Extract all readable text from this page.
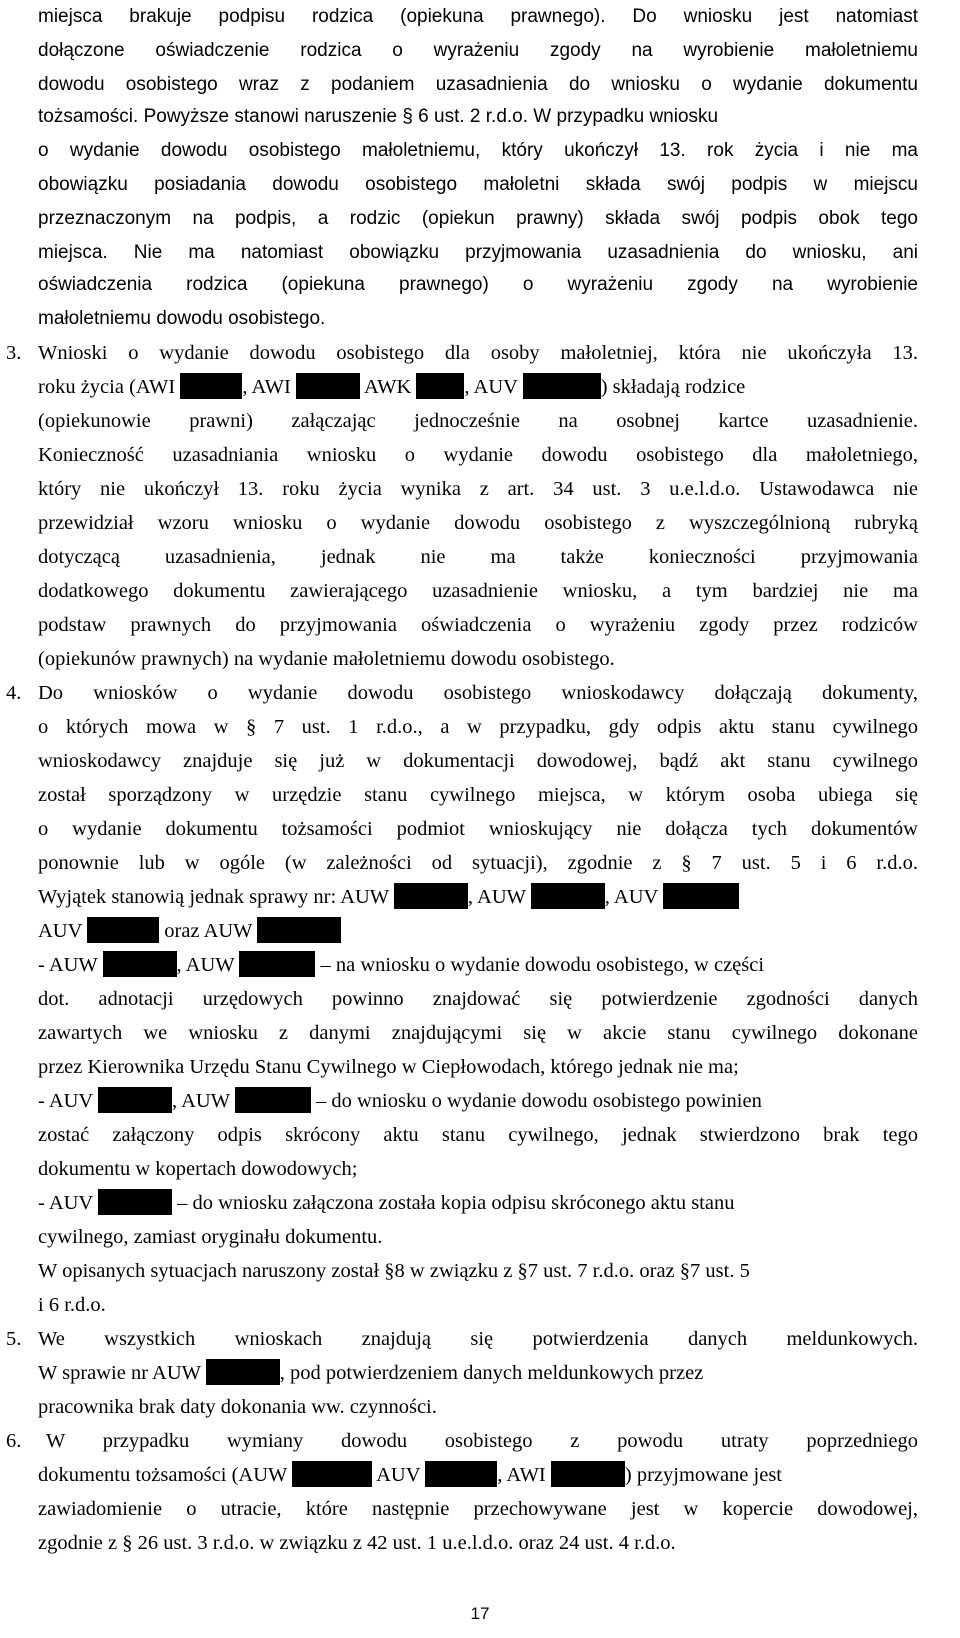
miejsca brakuje podpisu rodzica (opiekuna prawnego). Do wniosku jest natomiast
dołączone oświadczenie rodzica o wyrażeniu zgody na wyrobienie małoletniemu
dowodu osobistego wraz z podaniem uzasadnienia do wniosku o wydanie dokumentu
tożsamości. Powyższe stanowi naruszenie § 6 ust. 2 r.d.o. W przypadku wniosku
o wydanie dowodu osobistego małoletniemu, który ukończył 13. rok życia i nie ma
obowiązku posiadania dowodu osobistego małoletni składa swój podpis w miejscu
przeznaczonym na podpis, a rodzic (opiekun prawny) składa swój podpis obok tego
miejsca. Nie ma natomiast obowiązku przyjmowania uzasadnienia do wniosku, ani
oświadczenia rodzica (opiekuna prawnego) o wyrażeniu zgody na wyrobienie
małoletniemu dowodu osobistego.
3. Wnioski o wydanie dowodu osobistego dla osoby małoletniej, która nie ukończyła 13.
roku życia (AWI	, AWI	AWK	, AUV	) składają rodzice
(opiekunowie prawni) załączając jednocześnie na osobnej kartce uzasadnienie.
Konieczność uzasadniania wniosku o wydanie dowodu osobistego dla małoletniego,
który nie ukończył 13. roku życia wynika z art. 34 ust. 3 u.e.l.d.o. Ustawodawca nie
przewidział wzoru wniosku o wydanie dowodu osobistego z wyszczególnioną rubryką
dotyczącą uzasadnienia, jednak nie ma także konieczności przyjmowania
dodatkowego dokumentu zawierającego uzasadnienie wniosku, a tym bardziej nie ma
podstaw prawnych do przyjmowania oświadczenia o wyrażeniu zgody przez rodziców
(opiekunów prawnych) na wydanie małoletniemu dowodu osobistego.
4. Do wniosków o wydanie dowodu osobistego wnioskodawcy dołączają dokumenty,
o których mowa w § 7 ust. 1 r.d.o., a w przypadku, gdy odpis aktu stanu cywilnego
wnioskodawcy znajduje się już w dokumentacji dowodowej, bądź akt stanu cywilnego
został sporządzony w urzędzie stanu cywilnego miejsca, w którym osoba ubiega się
o wydanie dokumentu tożsamości podmiot wnioskujący nie dołącza tych dokumentów
ponownie lub w ogóle (w zależności od sytuacji), zgodnie z § 7 ust. 5 i 6 r.d.o.
Wyjątek stanowią jednak sprawy nr: AUW	, AUW	, AUV
AUV	oraz AUW
- AUW	, AUW	– na wniosku o wydanie dowodu osobistego, w części
dot. adnotacji urzędowych powinno znajdować się potwierdzenie zgodności danych
zawartych we wniosku z danymi znajdującymi się w akcie stanu cywilnego dokonane
przez Kierownika Urzędu Stanu Cywilnego w Ciepłowodach, którego jednak nie ma;
- AUV	, AUW	– do wniosku o wydanie dowodu osobistego powinien
zostać załączony odpis skrócony aktu stanu cywilnego, jednak stwierdzono brak tego
dokumentu w kopertach dowodowych;
- AUV	– do wniosku załączona została kopia odpisu skróconego aktu stanu
cywilnego, zamiast oryginału dokumentu.
W opisanych sytuacjach naruszony został §8 w związku z §7 ust. 7 r.d.o. oraz §7 ust. 5
i 6 r.d.o.
5. We wszystkich wnioskach znajdują się potwierdzenia danych meldunkowych.
W sprawie nr AUW	, pod potwierdzeniem danych meldunkowych przez
pracownika brak daty dokonania ww. czynności.
6.	W przypadku wymiany dowodu osobistego z powodu utraty poprzedniego
dokumentu tożsamości (AUW	AUV	, AWI	) przyjmowane jest
zawiadomienie o utracie, które następnie przechowywane jest w kopercie dowodowej,
zgodnie z § 26 ust. 3 r.d.o. w związku z 42 ust. 1 u.e.l.d.o. oraz 24 ust. 4 r.d.o.
17
